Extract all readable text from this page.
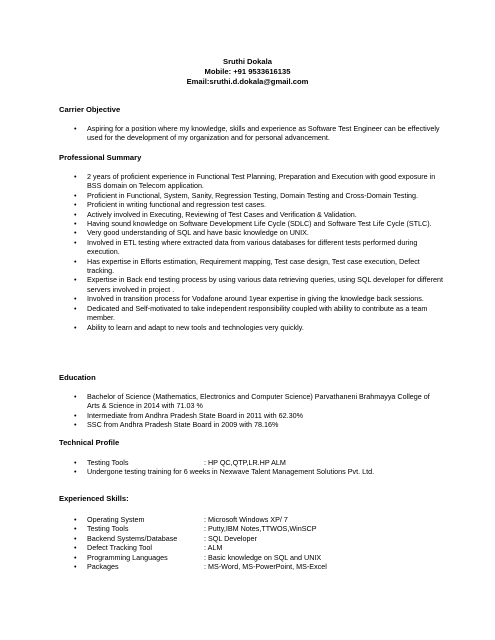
Sruthi Dokala
Mobile: +91 9533616135
Email:sruthi.d.dokala@gmail.com
Carrier Objective
• Aspiring for a position where my knowledge, skills and experience as Software Test Engineer can be effectively used for the development of my organization and for personal advancement.
Professional Summary
• 2 years of proficient experience in Functional Test Planning, Preparation and Execution with good exposure in BSS domain on Telecom application.
• Proficient in Functional, System, Sanity, Regression Testing, Domain Testing and Cross-Domain Testing.
• Proficient in writing functional and regression test cases.
• Actively involved in Executing, Reviewing of Test Cases and Verification & Validation.
• Having sound knowledge on Software Development Life Cycle (SDLC) and Software Test Life Cycle (STLC).
• Very good understanding of SQL and have basic knowledge on UNIX.
• Involved in ETL testing where extracted data from various databases for different tests performed during execution.
• Has expertise in Efforts estimation, Requirement mapping, Test case design, Test case execution, Defect tracking.
• Expertise in Back end testing process by using various data retrieving queries, using SQL developer for different servers involved in project .
• Involved in transition process for Vodafone around 1year expertise in giving the knowledge back sessions.
• Dedicated and Self-motivated to take independent responsibility coupled with ability to contribute as a team member.
• Ability to learn and adapt to new tools and technologies very quickly.
Education
• Bachelor of Science (Mathematics, Electronics and Computer Science) Parvathaneni Brahmayya College of Arts & Science in 2014 with 71.03 %
• Intermediate from Andhra Pradesh State Board in 2011 with 62.30%
• SSC from Andhra Pradesh State Board in 2009 with 78.16%
Technical Profile
• Testing Tools	: HP QC,QTP,LR.HP ALM
• Undergone testing training for 6 weeks in Nexwave Talent Management Solutions Pvt. Ltd.
Experienced Skills:
• Operating System	: Microsoft Windows XP/ 7
• Testing Tools	: Putty,IBM Notes,TTWOS,WinSCP
• Backend Systems/Database	: SQL Developer
• Defect Tracking Tool	: ALM
• Programming Languages	: Basic knowledge on SQL and UNIX
• Packages	: MS-Word, MS-PowerPoint, MS-Excel
